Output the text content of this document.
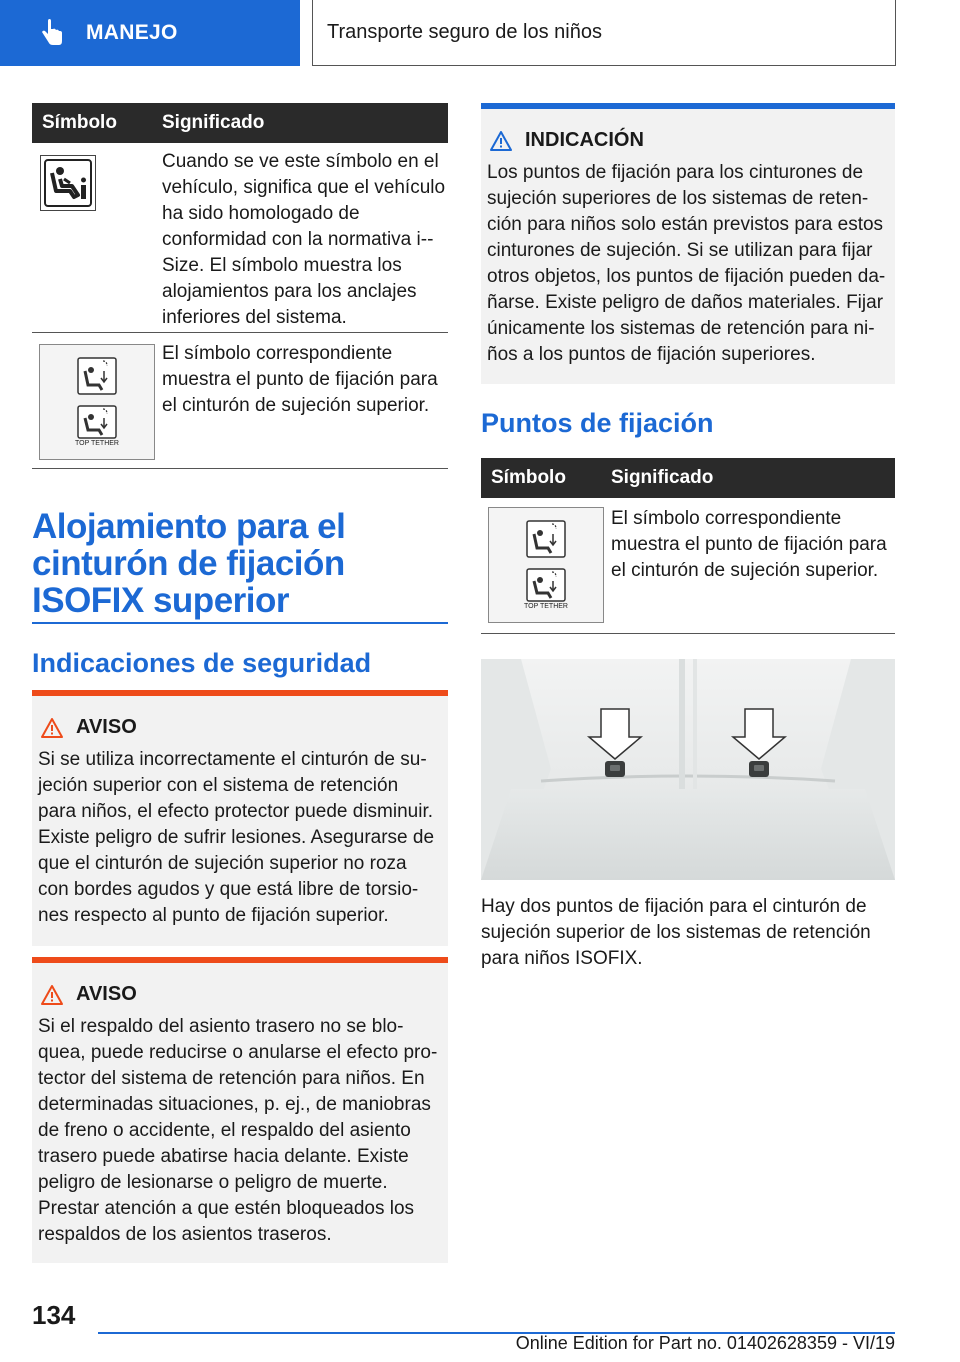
MANEJO	Transporte seguro de los niños
Símbolo	Significado
Cuando se ve este símbolo en el vehículo, significa que el vehículo ha sido homologado de conformidad con la normativa i-Size. El símbolo muestra los alojamientos para los anclajes inferiores del sistema.
TOP TETHER
El símbolo correspondiente muestra el punto de fijación para el cinturón de sujeción superior.
Alojamiento para el cinturón de fijación ISOFIX superior
Indicaciones de seguridad
AVISO
Si se utiliza incorrectamente el cinturón de sujeción superior con el sistema de retención para niños, el efecto protector puede disminuir. Existe peligro de sufrir lesiones. Asegurarse de que el cinturón de sujeción superior no roza con bordes agudos y que está libre de torsiones respecto al punto de fijación superior.
AVISO
Si el respaldo del asiento trasero no se bloquea, puede reducirse o anularse el efecto protector del sistema de retención para niños. En determinadas situaciones, p. ej., de maniobras de freno o accidente, el respaldo del asiento trasero puede abatirse hacia delante. Existe peligro de lesionarse o peligro de muerte. Prestar atención a que estén bloqueados los respaldos de los asientos traseros.
INDICACIÓN
Los puntos de fijación para los cinturones de sujeción superiores de los sistemas de retención para niños solo están previstos para estos cinturones de sujeción. Si se utilizan para fijar otros objetos, los puntos de fijación pueden dañarse. Existe peligro de daños materiales. Fijar únicamente los sistemas de retención para niños a los puntos de fijación superiores.
Puntos de fijación
Símbolo	Significado
TOP TETHER
El símbolo correspondiente muestra el punto de fijación para el cinturón de sujeción superior.
Hay dos puntos de fijación para el cinturón de sujeción superior de los sistemas de retención para niños ISOFIX.
134
Online Edition for Part no. 01402628359 - VI/19
